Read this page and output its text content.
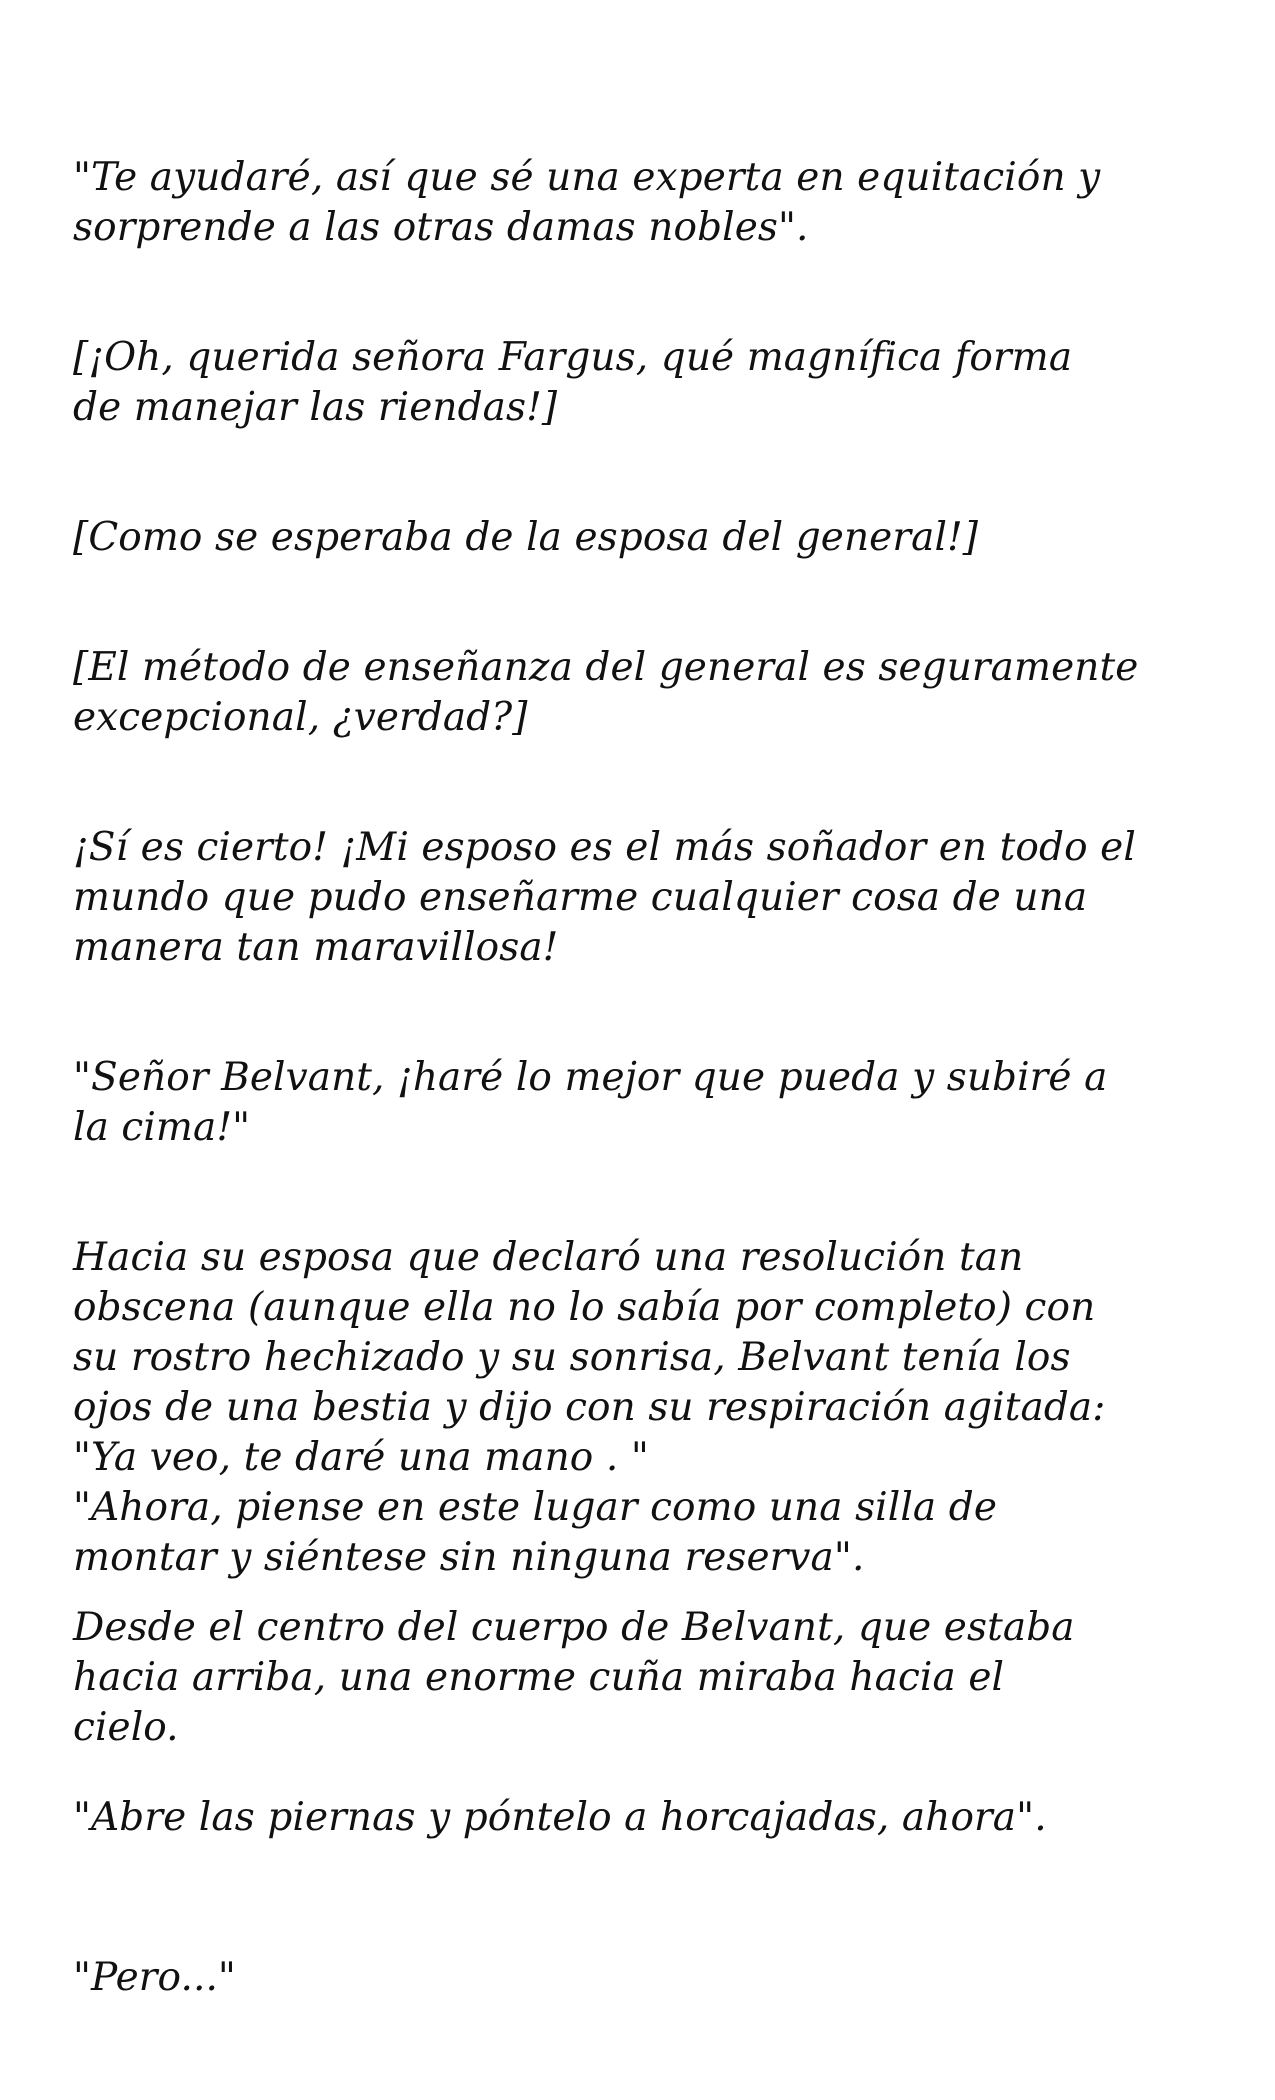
"Te ayudaré, así que sé una experta en equitación y
sorprende a las otras damas nobles".
[¡Oh, querida señora Fargus, qué magnífica forma
de manejar las riendas!]
[Como se esperaba de la esposa del general!]
[El método de enseñanza del general es seguramente
excepcional, ¿verdad?]
¡Sí es cierto! ¡Mi esposo es el más soñador en todo el
mundo que pudo enseñarme cualquier cosa de una
manera tan maravillosa!
"Señor Belvant, ¡haré lo mejor que pueda y subiré a
la cima!"
Hacia su esposa que declaró una resolución tan
obscena (aunque ella no lo sabía por completo) con
su rostro hechizado y su sonrisa, Belvant tenía los
ojos de una bestia y dijo con su respiración agitada:
"Ya veo, te daré una mano . "
"Ahora, piense en este lugar como una silla de
montar y siéntese sin ninguna reserva".
Desde el centro del cuerpo de Belvant, que estaba
hacia arriba, una enorme cuña miraba hacia el
cielo.
"Abre las piernas y póntelo a horcajadas, ahora".
"Pero..."
